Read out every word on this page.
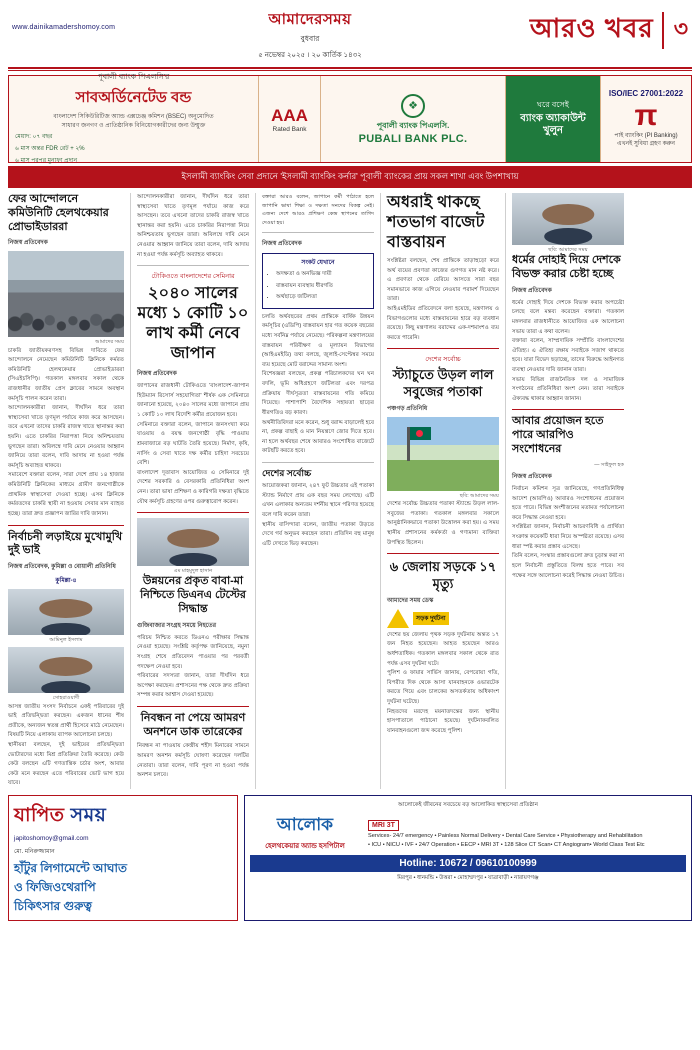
www.dainikamadershomoy.com	আমাদেরসময়
বুধবার
৫ নভেম্বর ২০২৫ । ২০ কার্তিক ১৪৩২
আরও খবর ৩
পূবালী ব্যাংক পিএলসি'র
সাবঅর্ডিনেটেড বন্ড
বাংলাদেশ সিকিউরিটিজ অ্যান্ড এক্সচেঞ্জ কমিশন (BSEC) অনুমোদিত
সাধারণ জনগণ ও প্রাতিষ্ঠানিক বিনিয়োগকারীদের জন্য উন্মুক্ত
মেয়াদ: ০৭ বছর
৬ মাস অন্তর FDR রেট + ২%
৬ মাস পরপর মুনাফা প্রদান
AAA
Rated Bank
❖
পূবালী ব্যাংক পিএলসি.
PUBALI BANK PLC.
ঘরে বসেই
ব্যাংক অ্যাকাউন্ট খুলুন
ISO/IEC 27001:2022
π
পাই ব্যাংকিং (PI Banking)
এখনই সুবিধা গ্রহণ করুন
ইসলামী ব্যাংকিং সেবা প্রদানে 'ইসলামী ব্যাংকিং কর্নার' পূবালী ব্যাংকের প্রায় সকল শাখা এবং উপশাখায়
ফের আন্দোলনে কমিউনিটি হেলথকেয়ার প্রোভাইডাররা
নিজস্ব প্রতিবেদক
আমাদের সময়
চাকরি জাতীয়করণসহ বিভিন্ন দাবিতে ফের আন্দোলনে নেমেছেন কমিউনিটি ক্লিনিকে কর্মরত কমিউনিটি হেলথকেয়ার প্রোভাইডাররা (সিএইচসিপি)। গতকাল মঙ্গলবার সকাল থেকে রাজধানীর জাতীয় প্রেস ক্লাবের সামনে অবস্থান কর্মসূচি পালন করেন তারা।
আন্দোলনকারীরা জানান, দীর্ঘদিন ধরে তারা স্বাস্থ্যসেবা খাতে তৃণমূল পর্যায়ে কাজ করে আসছেন। তবে এখনো তাদের চাকরি রাজস্ব খাতে স্থানান্তর করা হয়নি। এতে চাকরির নিরাপত্তা নিয়ে অনিশ্চয়তায় ভুগছেন তারা। অবিলম্বে দাবি মেনে নেওয়ার আহ্বান জানিয়ে তারা বলেন, দাবি আদায় না হওয়া পর্যন্ত কর্মসূচি অব্যাহত থাকবে।
সমাবেশে বক্তারা বলেন, সারা দেশে প্রায় ১৪ হাজার কমিউনিটি ক্লিনিকের মাধ্যমে গ্রামীণ জনগোষ্ঠীকে প্রাথমিক স্বাস্থ্যসেবা দেওয়া হচ্ছে। এসব ক্লিনিকে কর্মরতদের চাকরি স্থায়ী না হওয়ায় সেবার মান ব্যাহত হচ্ছে। তারা দ্রুত প্রজ্ঞাপন জারির দাবি জানান।
নির্বাচনী লড়াইয়ে মুখোমুখি দুই ভাই
নিজস্ব প্রতিবেদক, কুমিল্লা ও বোয়ালী প্রতিনিধি
কুমিল্লা-৪
আমিনুল ইসলাম
সোহরাওয়ার্দী
আসন্ন জাতীয় সংসদ নির্বাচনে একই পরিবারের দুই ভাই প্রতিদ্বন্দ্বিতা করছেন। একজন ধানের শীষ প্রতীকে, অন্যজন স্বতন্ত্র প্রার্থী হিসেবে মাঠে নেমেছেন। বিষয়টি নিয়ে এলাকায় ব্যাপক আলোচনা চলছে।
স্থানীয়রা বলছেন, দুই ভাইয়ের প্রতিদ্বন্দ্বিতা ভোটারদের মধ্যে মিশ্র প্রতিক্রিয়া তৈরি করেছে। কেউ কেউ বলছেন এটি গণতান্ত্রিক চর্চার অংশ, আবার কেউ মনে করছেন এতে পরিবারের ভোট ভাগ হয়ে যাবে।
আন্দোলনকারীরা জানান, দীর্ঘদিন ধরে তারা স্বাস্থ্যসেবা খাতে তৃণমূল পর্যায়ে কাজ করে আসছেন। তবে এখনো তাদের চাকরি রাজস্ব খাতে স্থানান্তর করা হয়নি। এতে চাকরির নিরাপত্তা নিয়ে অনিশ্চয়তায় ভুগছেন তারা। অবিলম্বে দাবি মেনে নেওয়ার আহ্বান জানিয়ে তারা বলেন, দাবি আদায় না হওয়া পর্যন্ত কর্মসূচি অব্যাহত থাকবে।
টোকিওতে বাংলাদেশের সেমিনার
২০৪০ সালের মধ্যে ১ কোটি ১০ লাখ কর্মী নেবে জাপান
নিজস্ব প্রতিবেদক
জাপানের রাজধানী টোকিওতে 'বাংলাদেশ-জাপান হিউম্যান রিসোর্স সহযোগিতা' শীর্ষক এক সেমিনারে জানানো হয়েছে, ২০৪০ সালের মধ্যে জাপানে প্রায় ১ কোটি ১০ লাখ বিদেশি কর্মীর প্রয়োজন হবে।
সেমিনারে বক্তারা বলেন, জাপানে জনসংখ্যা কমে যাওয়ায় ও বয়স্ক জনগোষ্ঠী বৃদ্ধি পাওয়ায় শ্রমবাজারে বড় ঘাটতি তৈরি হয়েছে। নির্মাণ, কৃষি, নার্সিং ও সেবা খাতে দক্ষ কর্মীর চাহিদা সবচেয়ে বেশি।
বাংলাদেশ দূতাবাস আয়োজিত এ সেমিনারে দুই দেশের সরকারি ও বেসরকারি প্রতিনিধিরা অংশ নেন। তারা ভাষা প্রশিক্ষণ ও কারিগরি দক্ষতা বৃদ্ধিতে যৌথ কর্মসূচি গ্রহণের ওপর গুরুত্বারোপ করেন।
এম মাহমুদুল হাসান
উন্নয়নের প্রকৃত বাবা-মা নিশ্চিতে ডিএনএ টেস্টের সিদ্ধান্ত
গুজিবাজার সংগ্রহ সময়ে নিহতের
পরিচয় নিশ্চিত করতে ডিএনএ পরীক্ষার সিদ্ধান্ত নেওয়া হয়েছে। সংশ্লিষ্ট কর্তৃপক্ষ জানিয়েছে, নমুনা সংগ্রহ শেষে প্রতিবেদন পাওয়ার পর পরবর্তী পদক্ষেপ নেওয়া হবে।
পরিবারের সদস্যরা জানান, তারা দীর্ঘদিন ধরে অপেক্ষা করছেন। প্রশাসনের পক্ষ থেকে দ্রুত প্রক্রিয়া সম্পন্ন করার আশ্বাস দেওয়া হয়েছে।
নিবন্ধন না পেয়ে আমরণ অনশনে ডাক তারেকের
নিবন্ধন না পাওয়ায় কেন্দ্রীয় শহীদ মিনারের সামনে আমরণ অনশন কর্মসূচি ঘোষণা করেছেন দলটির নেতারা। তারা বলেন, দাবি পূরণ না হওয়া পর্যন্ত অনশন চলবে।
বক্তারা আরও বলেন, জাপানে কর্মী পাঠাতে হলে জাপানি ভাষা শিক্ষা ও দক্ষতা সনদের বিকল্প নেই। এজন্য দেশে আরও প্রশিক্ষণ কেন্দ্র স্থাপনের তাগিদ দেওয়া হয়।
নিজস্ব প্রতিবেদক
সংকট যেখানে
• অদক্ষতা ও অনভিজ্ঞ দায়ী
• বাস্তবায়ন ব্যবস্থায় ধীরগতি
• অর্থছাড়ে জটিলতা
চলতি অর্থবছরের প্রথম প্রান্তিকে বার্ষিক উন্নয়ন কর্মসূচির (এডিপি) বাস্তবায়ন হার গত কয়েক বছরের মধ্যে সর্বনিম্ন পর্যায়ে নেমেছে। পরিকল্পনা মন্ত্রণালয়ের বাস্তবায়ন পরিবীক্ষণ ও মূল্যায়ন বিভাগের (আইএমইডি) তথ্য বলছে, জুলাই-সেপ্টেম্বর সময়ে ব্যয় হয়েছে মোট বরাদ্দের সামান্য অংশ।
বিশেষজ্ঞরা বলছেন, প্রকল্প পরিচালকদের ঘন ঘন বদলি, ভূমি অধিগ্রহণে জটিলতা এবং দরপত্র প্রক্রিয়ায় দীর্ঘসূত্রতা বাস্তবায়নের গতি কমিয়ে দিয়েছে। পাশাপাশি বৈদেশিক সহায়তা ছাড়ের ধীরগতিও বড় কারণ।
অর্থনীতিবিদরা মনে করেন, শুধু বরাদ্দ বাড়ালেই হবে না, প্রকল্প বাছাই ও মান নিয়ন্ত্রণে জোর দিতে হবে। না হলে অর্থবছর শেষে আবারও সংশোধিত বাজেটে কাটছাঁট করতে হবে।
দেশের সর্বোচ্চ
আয়োজকরা জানান, ২৪৭ ফুট উচ্চতার এই পতাকা স্ট্যান্ড নির্মাণে প্রায় এক বছর সময় লেগেছে। এটি এখন এলাকার অন্যতম দর্শনীয় স্থানে পরিণত হয়েছে বলে দাবি করেন তারা।
স্থানীয় বাসিন্দারা বলেন, জাতীয় পতাকা উড়তে দেখে গর্ব অনুভব করছেন তারা। প্রতিদিন বহু মানুষ এটি দেখতে ভিড় করছেন।
অধরাই থাকছে শতভাগ বাজেট বাস্তবায়ন
সংশ্লিষ্টরা বলছেন, শেষ প্রান্তিকে তাড়াহুড়ো করে অর্থ ব্যয়ের প্রবণতা কাজের গুণগত মান নষ্ট করে। এ প্রবণতা থেকে বেরিয়ে আসতে সারা বছর সমানভাবে কাজ এগিয়ে নেওয়ার পরামর্শ দিয়েছেন তারা।
আইএমইডির প্রতিবেদনে বলা হয়েছে, মন্ত্রণালয় ও বিভাগগুলোর মধ্যে বাস্তবায়নের হারে বড় ব্যবধান রয়েছে। কিছু মন্ত্রণালয় বরাদ্দের এক-দশমাংশও ব্যয় করতে পারেনি।
দেশের সর্বোচ্চ
স্ট্যাচুতে উড়ল লাল সবুজের পতাকা
পঞ্চগড় প্রতিনিধি
ছবি: আমাদের সময়
দেশের সর্বোচ্চ উচ্চতার পতাকা স্ট্যান্ডে উড়ল লাল-সবুজের পতাকা। গতকাল মঙ্গলবার সকালে আনুষ্ঠানিকভাবে পতাকা উত্তোলন করা হয়। এ সময় স্থানীয় প্রশাসনের কর্মকর্তা ও গণ্যমান্য ব্যক্তিরা উপস্থিত ছিলেন।
৬ জেলায় সড়কে ১৭ মৃত্যু
আমাদের সময় ডেস্ক
সড়ক দুর্ঘটনা
দেশের ছয় জেলায় পৃথক সড়ক দুর্ঘটনায় অন্তত ১৭ জন নিহত হয়েছেন। আহত হয়েছেন আরও অর্ধশতাধিক। গতকাল মঙ্গলবার সকাল থেকে রাত পর্যন্ত এসব দুর্ঘটনা ঘটে।
পুলিশ ও ফায়ার সার্ভিস জানায়, বেপরোয়া গতি, বিপরীত দিক থেকে আসা যানবাহনকে ওভারটেক করতে গিয়ে এবং চালকের অসতর্কতায় অধিকাংশ দুর্ঘটনা ঘটেছে।
নিহতদের মরদেহ ময়নাতদন্তের জন্য স্থানীয় হাসপাতালে পাঠানো হয়েছে। দুর্ঘটনাকবলিত যানবাহনগুলো জব্দ করেছে পুলিশ।
ছবি: আমাদের সময়
ধর্মের দোহাই দিয়ে দেশকে বিভক্ত করার চেষ্টা হচ্ছে
নিজস্ব প্রতিবেদক
ধর্মের দোহাই দিয়ে দেশকে বিভক্ত করার অপচেষ্টা চলছে বলে মন্তব্য করেছেন বক্তারা। গতকাল মঙ্গলবার রাজধানীতে আয়োজিত এক আলোচনা সভায় তারা এ কথা বলেন।
বক্তারা বলেন, সাম্প্রদায়িক সম্প্রীতি বাংলাদেশের ঐতিহ্য। এ ঐতিহ্য রক্ষায় সবাইকে সজাগ থাকতে হবে। যারা বিভেদ ছড়াচ্ছে, তাদের বিরুদ্ধে আইনগত ব্যবস্থা নেওয়ার দাবি জানান তারা।
সভায় বিভিন্ন রাজনৈতিক দল ও সামাজিক সংগঠনের প্রতিনিধিরা অংশ নেন। তারা সবাইকে ঐক্যবদ্ধ থাকার আহ্বান জানান।
আবার প্রয়োজন হতে পারে আরপিও সংশোধনের
— সাইফুল হক
নিজস্ব প্রতিবেদক
নির্বাচন কমিশন সূত্র জানিয়েছে, গণপ্রতিনিধিত্ব আদেশ (আরপিও) আবারও সংশোধনের প্রয়োজন হতে পারে। বিভিন্ন অংশীজনের মতামত পর্যালোচনা করে সিদ্ধান্ত নেওয়া হবে।
সংশ্লিষ্টরা জানান, নির্বাচনী আচরণবিধি ও প্রার্থিতা সংক্রান্ত কয়েকটি ধারা নিয়ে অস্পষ্টতা রয়েছে। এসব ধারা স্পষ্ট করার প্রস্তাব এসেছে।
তিনি বলেন, সংস্কার প্রস্তাবগুলো দ্রুত চূড়ান্ত করা না হলে নির্বাচনী প্রস্তুতিতে বিলম্ব হতে পারে। সব পক্ষের সঙ্গে আলোচনা করেই সিদ্ধান্ত নেওয়া উচিত।
যাপিত সময়
japitoshomoy@gmail.com
মো. মনিরুজ্জামান
হাঁটুর লিগামেন্টে আঘাত
ও ফিজিওথেরাপি
চিকিৎসার গুরুত্ব
আলোকেই জীবনের সবচেয়ে বড় আলোকিত স্বাস্থ্যসেবা প্রতিষ্ঠান
আলোক
হেলথকেয়ার অ্যান্ড হসপিটাল
MRI 3T
Services- 24/7 emergency • Painless Normal Delivery • Dental Care Service • Physiotherapy and Rehabilitation
• ICU • NICU • IVF • 24/7 Operation • EECP • MRI 3T • 128 Slice CT Scan• CT Angiogram• World Class Test Etc
Hotline: 10672 / 09610100999
মিরপুর • ধানমন্ডি • উত্তরা • মোহাম্মদপুর • যাত্রাবাড়ী • নারায়ণগঞ্জ
